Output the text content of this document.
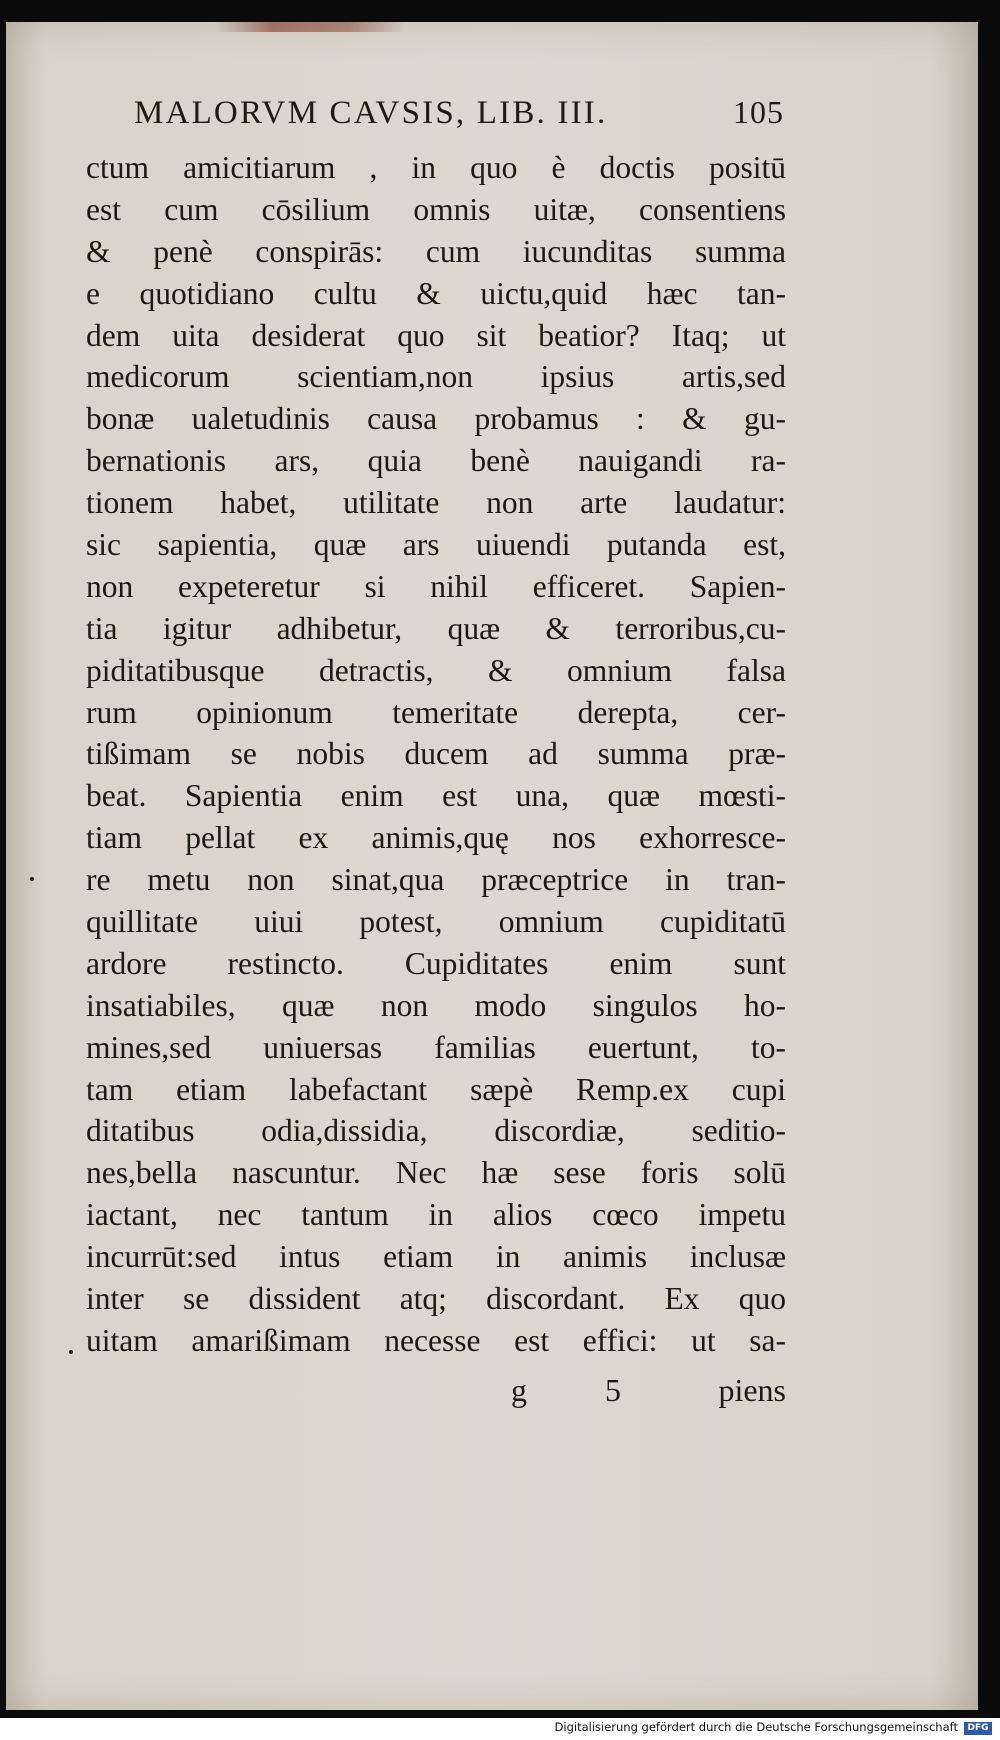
MALORVM CAVSIS, LIB. III.	105
ctum amicitiarum , in quo è doctis positū
est cum cōsilium omnis uitæ, consentiens
& penè conspirās: cum iucunditas summa
e quotidiano cultu & uictu,quid hæc tan-
dem uita desiderat quo sit beatior? Itaq; ut
medicorum scientiam,non ipsius artis,sed
bonæ ualetudinis causa probamus : & gu-
bernationis ars, quia benè nauigandi ra-
tionem habet, utilitate non arte laudatur:
sic sapientia, quæ ars uiuendi putanda est,
non expeteretur si nihil efficeret. Sapien-
tia igitur adhibetur, quæ & terroribus,cu-
piditatibusque detractis, & omnium falsa
rum opinionum temeritate derepta, cer-
tißimam se nobis ducem ad summa præ-
beat. Sapientia enim est una, quæ mœsti-
tiam pellat ex animis,quę nos exhorresce-
re metu non sinat,qua præceptrice in tran-
quillitate uiui potest, omnium cupiditatū
ardore restincto. Cupiditates enim sunt
insatiabiles, quæ non modo singulos ho-
mines,sed uniuersas familias euertunt, to-
tam etiam labefactant sæpè Remp.ex cupi
ditatibus odia,dissidia, discordiæ, seditio-
nes,bella nascuntur. Nec hæ sese foris solū
iactant, nec tantum in alios cœco impetu
incurrūt:sed intus etiam in animis inclusæ
inter se dissident atq; discordant. Ex quo
uitam amarißimam necesse est effici: ut sa-
g 5	piens
Digitalisierung gefördert durch die Deutsche Forschungsgemeinschaft	DFG
